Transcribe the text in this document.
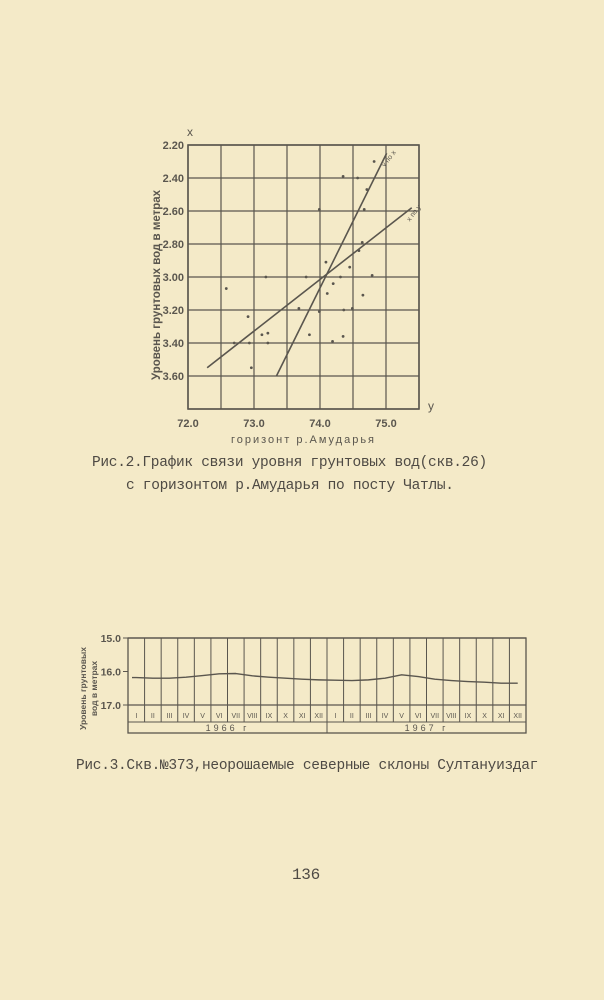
72.0	73.0	74.0	75.0
2.20
2.40
2.60
2.80
3.00
3.20
3.40
3.60
горизонт р.Амударья
Уровень грунтовых вод в метрах
х
у
у по х
х по у
15.0
16.0
17.0
I II III IV V VI VII VIII IX X XI XII I II III IV V VI VII VIII IX X XI XII
1966 г	1967 г
Уровень грунтовых вод в метрах
Рис.2.График связи уровня грунтовых вод(скв.26)
с горизонтом р.Амударья по посту Чатлы.
Рис.3.Скв.№373,неорошаемые северные склоны Султануиздаг
136
